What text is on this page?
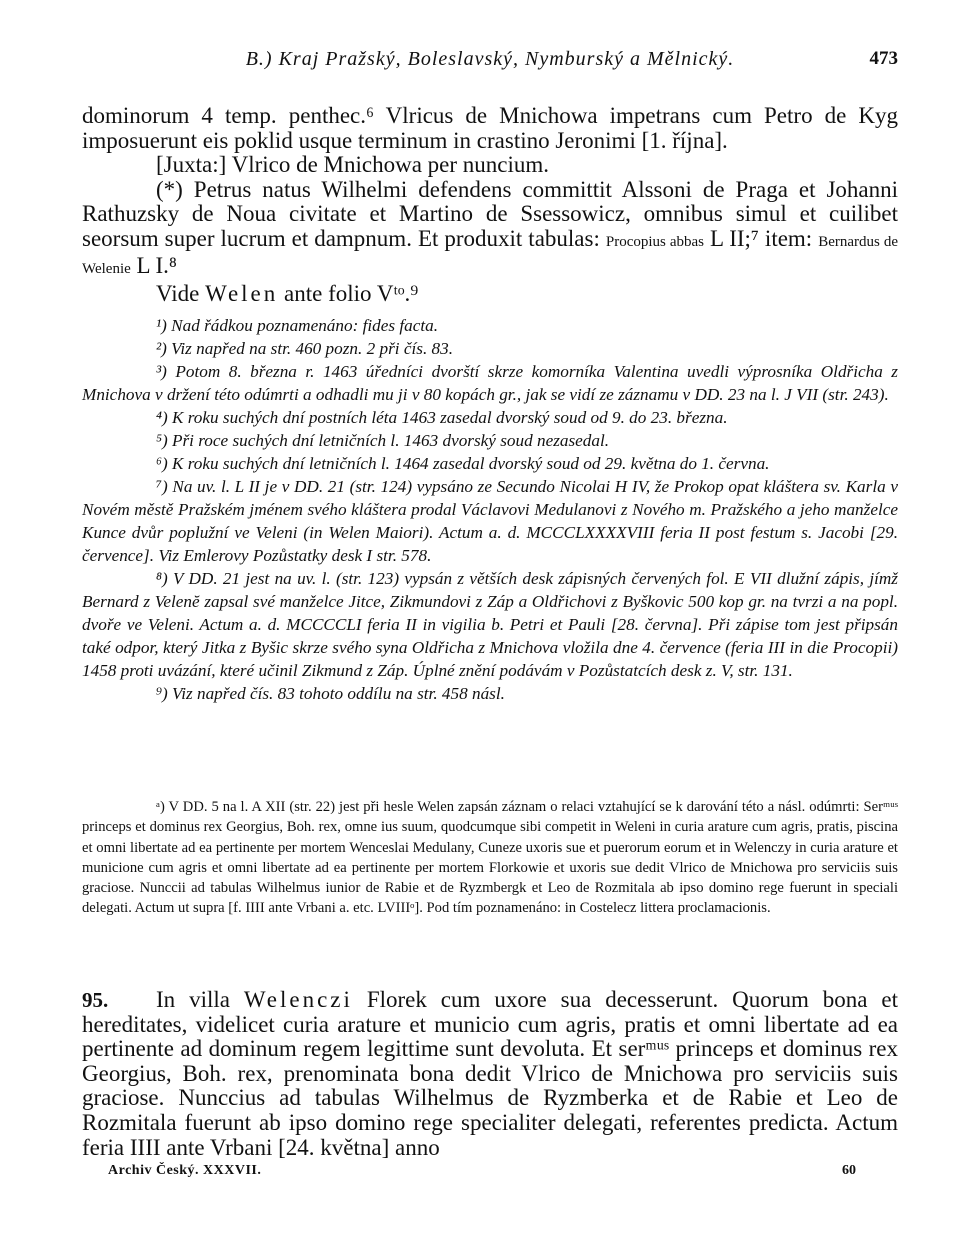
B.) Kraj Pražský, Boleslavský, Nymburský a Mělnický.	473

dominorum 4 temp. penthec.⁶ Vlricus de Mnichowa impetrans cum Petro de Kyg imposuerunt eis poklid usque terminum in crastino Jeronimi [1. října].

[Juxta:] Vlrico de Mnichowa per nuncium.

(*) Petrus natus Wilhelmi defendens committit Alssoni de Praga et Johanni Rathuzsky de Noua civitate et Martino de Ssessowicz, omnibus simul et cuilibet seorsum super lucrum et dampnum. Et produxit tabulas: Procopius abbas L II;⁷ item: Bernardus de Welenie L I.⁸

Vide Welen ante folio Vᵗᵒ.⁹

¹) Nad řádkou poznamenáno: fides facta.

²) Viz napřed na str. 460 pozn. 2 při čís. 83.

³) Potom 8. března r. 1463 úředníci dvorští skrze komorníka Valentina uvedli výprosníka Oldřicha z Mnichova v držení této odúmrti a odhadli mu ji v 80 kopách gr., jak se vidí ze záznamu v DD. 23 na l. J VII (str. 243).

⁴) K roku suchých dní postních léta 1463 zasedal dvorský soud od 9. do 23. března.

⁵) Při roce suchých dní letničních l. 1463 dvorský soud nezasedal.

⁶) K roku suchých dní letničních l. 1464 zasedal dvorský soud od 29. května do 1. června.

⁷) Na uv. l. L II je v DD. 21 (str. 124) vypsáno ze Secundo Nicolai H IV, že Prokop opat kláštera sv. Karla v Novém městě Pražském jménem svého kláštera prodal Václavovi Medulanovi z Nového m. Pražského a jeho manželce Kunce dvůr poplužní ve Veleni (in Welen Maiori). Actum a. d. MCCCLXXXXVIII feria II post festum s. Jacobi [29. července]. Viz Emlerovy Pozůstatky desk I str. 578.

⁸) V DD. 21 jest na uv. l. (str. 123) vypsán z větších desk zápisných červených fol. E VII dlužní zápis, jímž Bernard z Velenĕ zapsal své manželce Jitce, Zikmundovi z Záp a Oldřichovi z Byškovic 500 kop gr. na tvrzi a na popl. dvoře ve Veleni. Actum a. d. MCCCCLI feria II in vigilia b. Petri et Pauli [28. června]. Při zápise tom jest připsán také odpor, který Jitka z Byšic skrze svého syna Oldřicha z Mnichova vložila dne 4. července (feria III in die Procopii) 1458 proti uvázání, které učinil Zikmund z Záp. Úplné znění podávám v Pozůstatcích desk z. V, str. 131.

⁹) Viz napřed čís. 83 tohoto oddílu na str. 458 násl.

ᵃ) V DD. 5 na l. A XII (str. 22) jest při hesle Welen zapsán záznam o relaci vztahující se k darování této a násl. odúmrti: Serᵐᵘˢ princeps et dominus rex Georgius, Boh. rex, omne ius suum, quodcumque sibi competit in Weleni in curia arature cum agris, pratis, piscina et omni libertate ad ea pertinente per mortem Wenceslai Medulany, Cuneze uxoris sue et puerorum eorum et in Welenczy in curia arature et municione cum agris et omni libertate ad ea pertinente per mortem Florkowie et uxoris sue dedit Vlrico de Mnichowa pro serviciis suis graciose. Nunccii ad tabulas Wilhelmus iunior de Rabie et de Ryzmbergk et Leo de Rozmitala ab ipso domino rege fuerunt in speciali delegati. Actum ut supra [f. IIII ante Vrbani a. etc. LVIIIᵒ]. Pod tím poznamenáno: in Costelecz littera proclamacionis.

95. In villa Welenczi Florek cum uxore sua decesserunt. Quorum bona et hereditates, videlicet curia arature et municio cum agris, pratis et omni libertate ad ea pertinente ad dominum regem legittime sunt devoluta. Et serᵐᵘˢ princeps et dominus rex Georgius, Boh. rex, prenominata bona dedit Vlrico de Mnichowa pro serviciis suis graciose. Nunccius ad tabulas Wilhelmus de Ryzmberka et de Rabie et Leo de Rozmitala fuerunt ab ipso domino rege specialiter delegati, referentes predicta. Actum feria IIII ante Vrbani [24. května] anno

Archiv Český. XXXVII.	60
